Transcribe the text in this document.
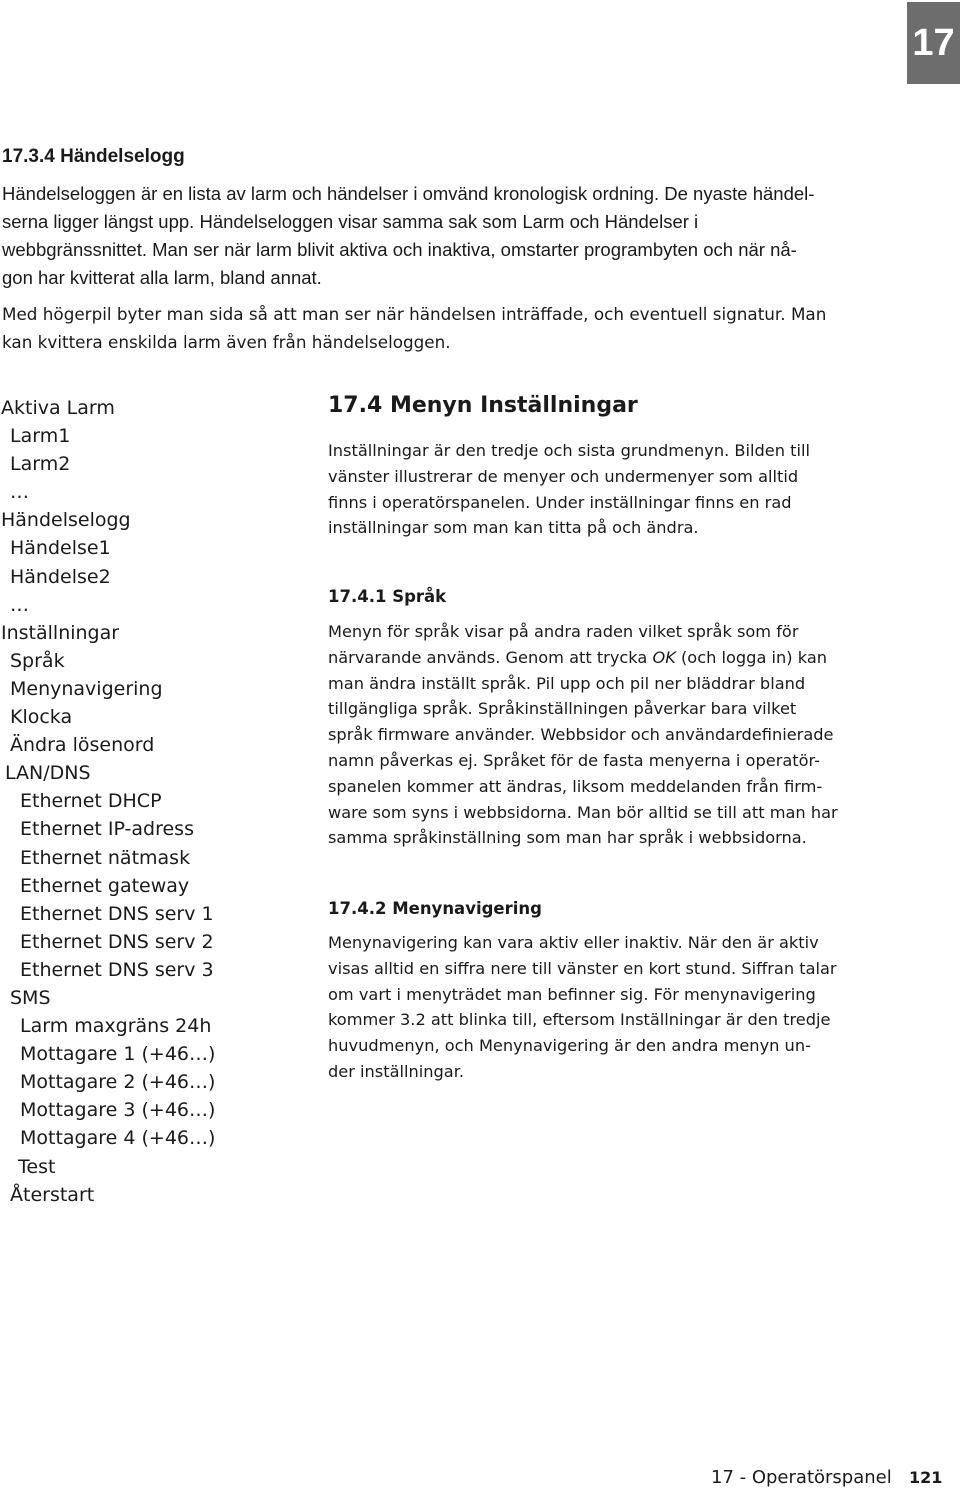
17
17.3.4 Händelselogg
Händelseloggen är en lista av larm och händelser i omvänd kronologisk ordning. De nyaste händel-
serna ligger längst upp. Händelseloggen visar samma sak som Larm och Händelser i
webbgränssnittet. Man ser när larm blivit aktiva och inaktiva, omstarter programbyten och när nå-
gon har kvitterat alla larm, bland annat.
Med högerpil byter man sida så att man ser när händelsen inträffade, och eventuell signatur. Man
kan kvittera enskilda larm även från händelseloggen.
Aktiva Larm
Larm1
Larm2
…
Händelselogg
Händelse1
Händelse2
…
Inställningar
Språk
Menynavigering
Klocka
Ändra lösenord
LAN/DNS
Ethernet DHCP
Ethernet IP-adress
Ethernet nätmask
Ethernet gateway
Ethernet DNS serv 1
Ethernet DNS serv 2
Ethernet DNS serv 3
SMS
Larm maxgräns 24h
Mottagare 1 (+46…)
Mottagare 2 (+46…)
Mottagare 3 (+46…)
Mottagare 4 (+46…)
Test
Återstart
17.4 Menyn Inställningar
Inställningar är den tredje och sista grundmenyn. Bilden till
vänster illustrerar de menyer och undermenyer som alltid
finns i operatörspanelen. Under inställningar finns en rad
inställningar som man kan titta på och ändra.
17.4.1 Språk
Menyn för språk visar på andra raden vilket språk som för
närvarande används. Genom att trycka OK (och logga in) kan
man ändra inställt språk. Pil upp och pil ner bläddrar bland
tillgängliga språk. Språkinställningen påverkar bara vilket
språk firmware använder. Webbsidor och användardefinierade
namn påverkas ej. Språket för de fasta menyerna i operatör-
spanelen kommer att ändras, liksom meddelanden från firm-
ware som syns i webbsidorna. Man bör alltid se till att man har
samma språkinställning som man har språk i webbsidorna.
17.4.2 Menynavigering
Menynavigering kan vara aktiv eller inaktiv. När den är aktiv
visas alltid en siffra nere till vänster en kort stund. Siffran talar
om vart i menyträdet man befinner sig. För menynavigering
kommer 3.2 att blinka till, eftersom Inställningar är den tredje
huvudmenyn, och Menynavigering är den andra menyn un-
der inställningar.
17 - Operatörspanel 121
